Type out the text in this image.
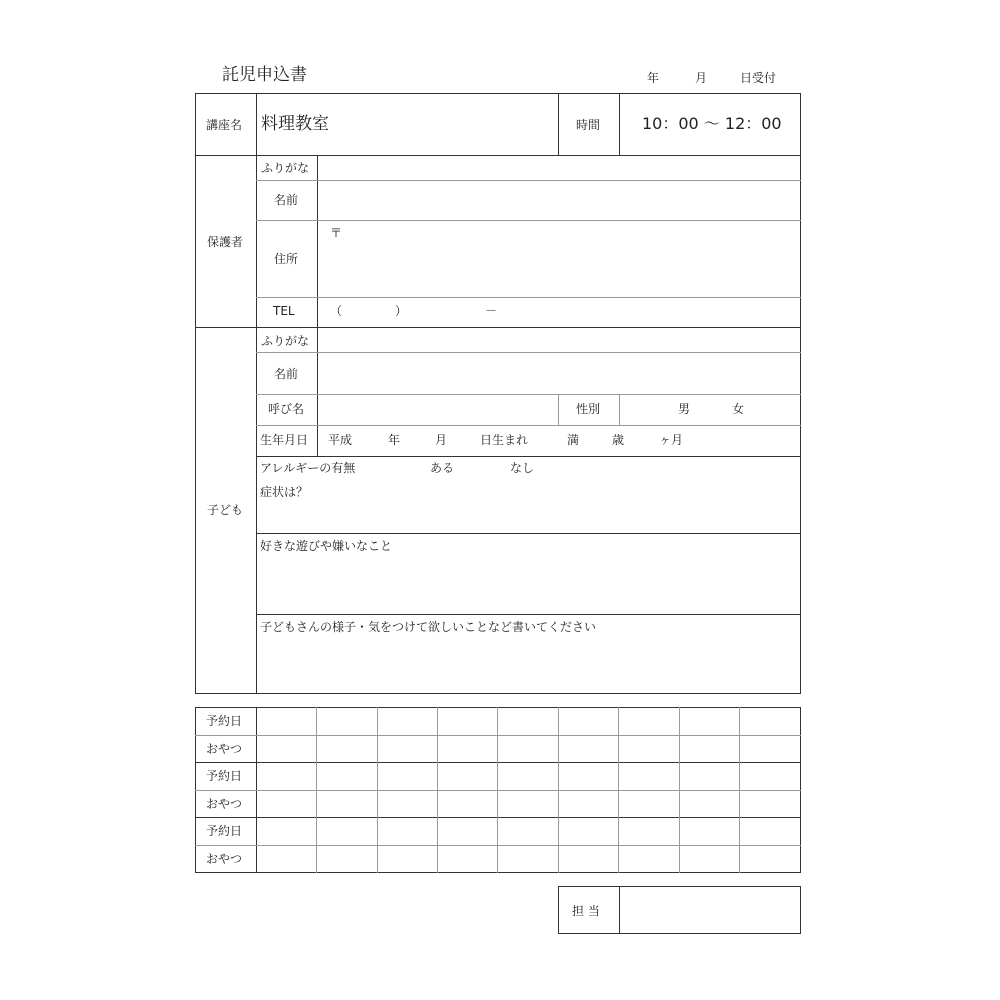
託児申込書	年	月	日受付
講座名 料理教室	時間	10：00 ～ 12：00
保護者
ふりがな
名前
住所
〒
TEL	（	）	－
子ども
ふりがな
名前
呼び名	性別	男	女
生年月日 平成	年	月	日生まれ	満	歳	ヶ月
アレルギーの有無	ある	なし
症状は？
好きな遊びや嫌いなこと
子どもさんの様子・気をつけて欲しいことなど書いてください
予約日
おやつ
予約日
おやつ
予約日
おやつ
担 当
